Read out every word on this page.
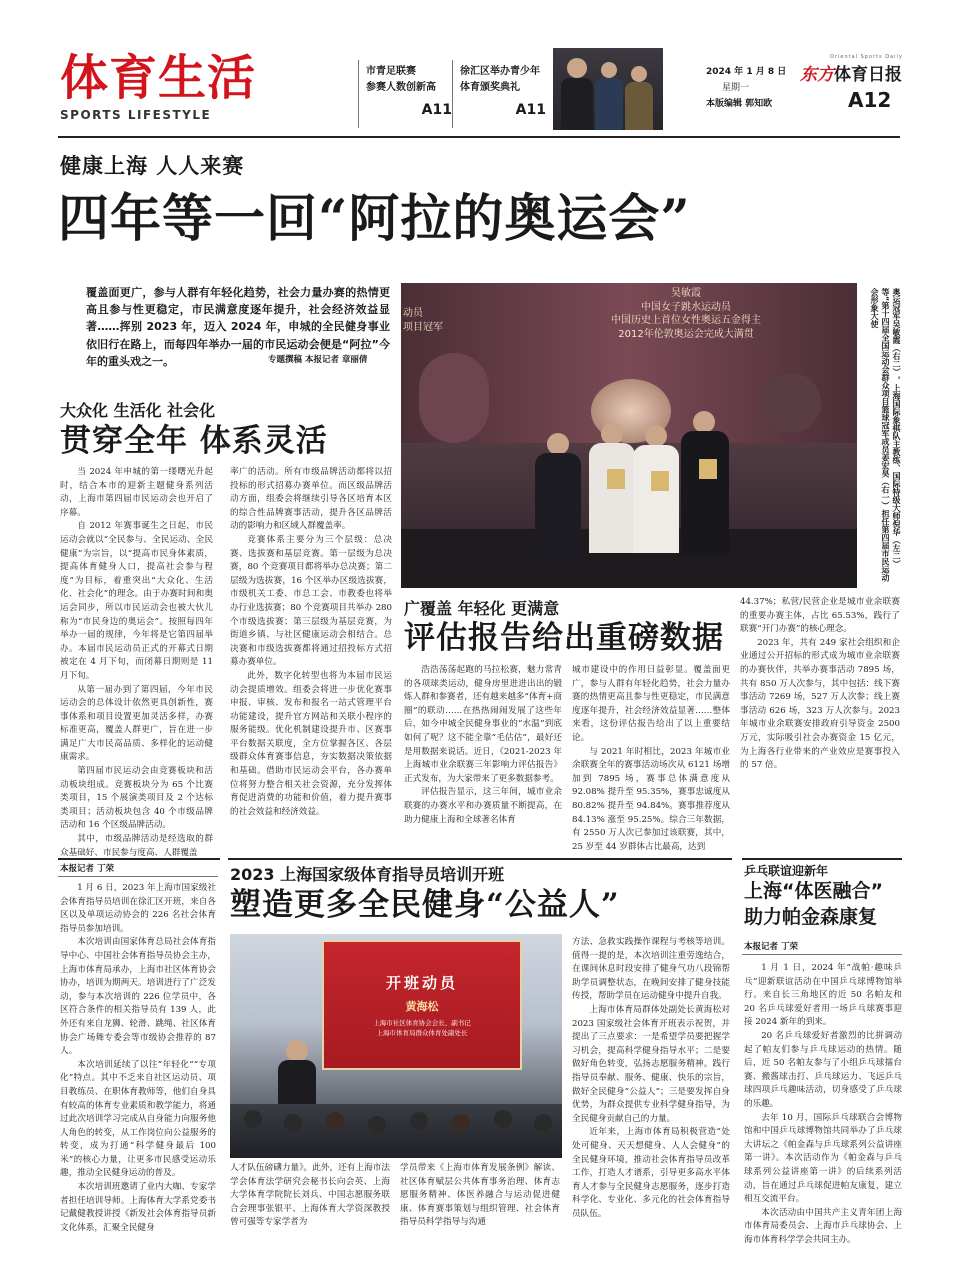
体育生活
SPORTS LIFESTYLE
市青足联赛
参赛人数创新高
A11
徐汇区举办青少年
体育颁奖典礼
A11
2024 年 1 月 8 日
星期一
本版编辑 郭知欧
Oriental Sports Daily
东方体育日报
A12
健康上海 人人来赛
四年等一回“阿拉的奥运会”
覆盖面更广，参与人群有年轻化趋势，社会力量办赛的热情更高且参与性更稳定，市民满意度逐年提升，社会经济效益显著……挥别 2023 年，迈入 2024 年，申城的全民健身事业依旧行在路上，而每四年举办一届的市民运动会便是“阿拉”今年的重头戏之一。	专题撰稿 本报记者 章丽倩
吴敏霞
中国女子跳水运动员
中国历史上首位女性奥运五金得主
2012年伦敦奥运会完成大满贯
动员
项目冠军	奥运冠军吴敏霞（右二），上海国际象棋队主教练、国际特级大师倪华（左二）等“第十四届全国运动会群众项目篮球冠军成员姜宏昊（右一）担任第四届市民运动会形象大使
大众化 生活化 社会化
贯穿全年 体系灵活

当 2024 年申城的第一缕曙光升起时，结合本市的迎新主题健身系列活动，上海市第四届市民运动会也开启了序幕。

自 2012 年赛事诞生之日起，市民运动会就以“全民参与、全民运动、全民健康”为宗旨，以“提高市民身体素质，提高体育健身人口，提高社会参与程度”为目标，着重突出“大众化、生活化、社会化”的理念。由于办赛时间和奥运会同步，所以市民运动会也被大伙儿称为“市民身边的奥运会”。按照每四年举办一届的规律，今年将是它第四届举办。本届市民运动员正式的开幕式日期被定在 4 月下旬，而闭幕日期则是 11 月下旬。

从第一届办到了第四届，今年市民运动会的总体设计依然更具创新性，赛事体系和项目设置更加灵活多样，办赛标准更高，覆盖人群更广，旨在进一步满足广大市民高品质、多样化的运动健康需求。

第四届市民运动会由竞赛板块和活动板块组成。竞赛板块分为 65 个比赛类项目，15 个展演类项目及 2 个达标类项目；活动板块包含 40 个市级品牌活动和 16 个区级品牌活动。

其中，市级品牌活动是经选取的群众基础好、市民参与度高、人群覆盖

率广的活动。所有市级品牌活动都将以招投标的形式招募办赛单位。而区级品牌活动方面，组委会将继续引导各区培育本区的综合性品牌赛事活动，提升各区品牌活动的影响力和区域人群覆盖率。

竞赛体系主要分为三个层级：总决赛、选拔赛和基层竞赛。第一层级为总决赛，80 个竞赛项目都将举办总决赛；第二层级为选拔赛，16 个区举办区级选拔赛，市级机关工委、市总工会、市教委也将举办行业选拔赛；80 个竞赛项目共举办 280 个市级选拔赛；第三层级为基层竞赛，为街道乡镇、与社区健康运动会相结合。总决赛和市级选拔赛都将通过招投标方式招募办赛单位。

此外，数字化转型也将为本届市民运动会提质增效。组委会将进一步优化赛事申报、审核、发布和报名一站式管理平台功能建设，提升官方网站和关联小程序的服务能级。优化机制建设提升市、区赛事平台数据关联度，全方位掌握各区、各层级群众体育赛事信息，夯实数据决策依据和基础。借助市民运动会平台，各办赛单位将努力整合相关社会资源，充分发挥体育促进消费的功能和价值，着力提升赛事的社会效益和经济效益。

广覆盖 年轻化 更满意
评估报告给出重磅数据

浩浩荡荡起跑的马拉松赛，魅力常青的各项球类运动，健身房里进进出出的锻炼人群和参赛者，还有越来越多“体育+商圈”的联动……在热热闹闹发展了这些年后，如今申城全民健身事业的“水温”到底如何了呢？这不能全靠“毛估估”，最好还是用数据来说话。近日，《2021-2023 年上海城市业余联赛三年影响力评估报告》正式发布，为大家带来了更多数据参考。

评估报告显示，这三年间，城市业余联赛的办赛水平和办赛质量不断提高，在助力健康上海和全球著名体育

城市建设中的作用日益彰显。覆盖面更广，参与人群有年轻化趋势，社会力量办赛的热情更高且参与性更稳定，市民满意度逐年提升，社会经济效益显著……整体来看，这份评估报告给出了以上重要结论。

与 2021 年时相比，2023 年城市业余联赛全年的赛事活动场次从 6121 场增加到 7895 场，赛事总体满意度从 92.08% 提升至 95.35%，赛事忠诚度从 80.82% 提升至 94.84%。赛事推荐度从 84.13% 涨至 95.25%。综合三年数据，有 2550 万人次已参加过该联赛，其中，25 岁至 44 岁群体占比最高，达到

44.37%；私营/民营企业是城市业余联赛的重要办赛主体，占比 65.53%，践行了联赛“开门办赛”的核心理念。

2023 年，共有 249 家社会组织和企业通过公开招标的形式成为城市业余联赛的办赛伙伴，共举办赛事活动 7895 场，共有 850 万人次参与，其中包括：线下赛事活动 7269 场，527 万人次参；线上赛事活动 626 场，323 万人次参与。2023 年城市业余联赛安排政府引导资金 2500 万元，实际吸引社会办赛资金 15 亿元，为上海各行业带来的产业效应是赛事投入的 57 倍。

本报记者 丁荣

1 月 6 日，2023 年上海市国家级社会体育指导员培训在徐汇区开班，来自各区以及单项运动协会的 226 名社会体育指导员参加培训。

本次培训由国家体育总局社会体育指导中心、中国社会体育指导员协会主办，上海市体育局承办，上海市社区体育协会协办，培训为期两天。培训进行了广泛发动，参与本次培训的 226 位学员中，各区符合条件的相关指导员有 139 人，此外还有来自龙狮、轮滑、跳绳、社区体育协会广场舞专委会等市级协会推荐的 87 人。

本次培训延续了以往“年轻化”“专项化”特点。其中不乏来自社区运动员、项目教练员、在职体育教师等，他们自身具有较高的体育专业素质和教学能力，将通过此次培训学习完成从自身能力向服务他人角色的转变，从工作岗位向公益服务的转变，成为打通“科学健身最后 100 米”的核心力量，让更多市民感受运动乐趣，推动全民健身运动的普及。

本次培训班邀请了业内大咖、专家学者担任培训导师。上海体育大学系党委书记戴健教授讲授《新发社会体育指导员新文化体系，汇聚全民健身

2023 上海国家级体育指导员培训开班
塑造更多全民健身“公益人”
开班动员
黄海松
上海市社区体育协会会长、副书记
上海市体育局群众体育处副处长

人才队伍磅礴力量》。此外，还有上海市法学会体育法学研究会秘书长向会英、上海大学体育学院院长刘兵、中国志愿服务联合会理事张银平、上海体育大学资深教授曾可强等专家学者为

学员带来《上海市体育发展条例》解读、社区体育赋层公共体育事务治理、体育志愿服务精神、体医养融合与运动促进健康、体育赛事策划与组织管理、社会体育指导员科学指导与沟通

方法、急救实践操作课程与考核等培训。值得一提的是，本次培训注重劳逸结合，在课间休息时段安排了健身气功八段锦帮助学员调整状态，在晚间安排了健身技能传授，帮助学员在运动健身中提升自我。

上海市体育局群体处副处长黄海松对 2023 国家级社会体育开班表示祝贺，并提出了三点要求：一是希望学员要把握学习机会，提高科学健身指导水平；二是要做好角色转变，弘扬志愿服务精神。践行指导员奉献、服务、健康、快乐的宗旨，做好全民健身“公益人”；三是要发挥自身优势，为群众提供专业科学健身指导，为全民健身贡献自己的力量。

近年来，上海市体育局积极营造“处处可健身、天天想健身、人人会健身”的全民健身环境，推动社会体育指导员改革工作，打造人才谱系，引导更多高水平体育人才参与全民健身志愿服务，逐步打造科学化、专业化、多元化的社会体育指导员队伍。

乒乓联谊迎新年
上海“体医融合”
助力帕金森康复
本报记者 丁荣

1 月 1 日，2024 年“战帕·趣味乒乓”迎新联谊活动在中国乒乓球博物馆举行。来自长三角地区的近 50 名帕友和 20 名乒乓球爱好者用一场乒乓球赛事迎接 2024 新年的到来。

20 名乒乓球爱好者激烈的比拼调动起了帕友们参与乒乓球运动的热情。随后，近 50 名帕友参与了小组乒乓球擂台赛、搬酱球击打、乒乓球运力、飞远乒乓球四项乒乓趣味活动，切身感受了乒乓球的乐趣。

去年 10 月，国际乒乓球联合会博物馆和中国乒乓球博物馆共同举办了乒乓球大讲坛之《帕金森与乒乓球系列公益讲座第一讲》。本次活动作为《帕金森与乒乓球系列公益讲座第一讲》的后续系列活动，旨在通过乒乓球促进帕友康复，建立相互交流平台。

本次活动由中国共产主义青年团上海市体育局委员会、上海市乒乓球协会、上海市体育科学学会共同主办。
